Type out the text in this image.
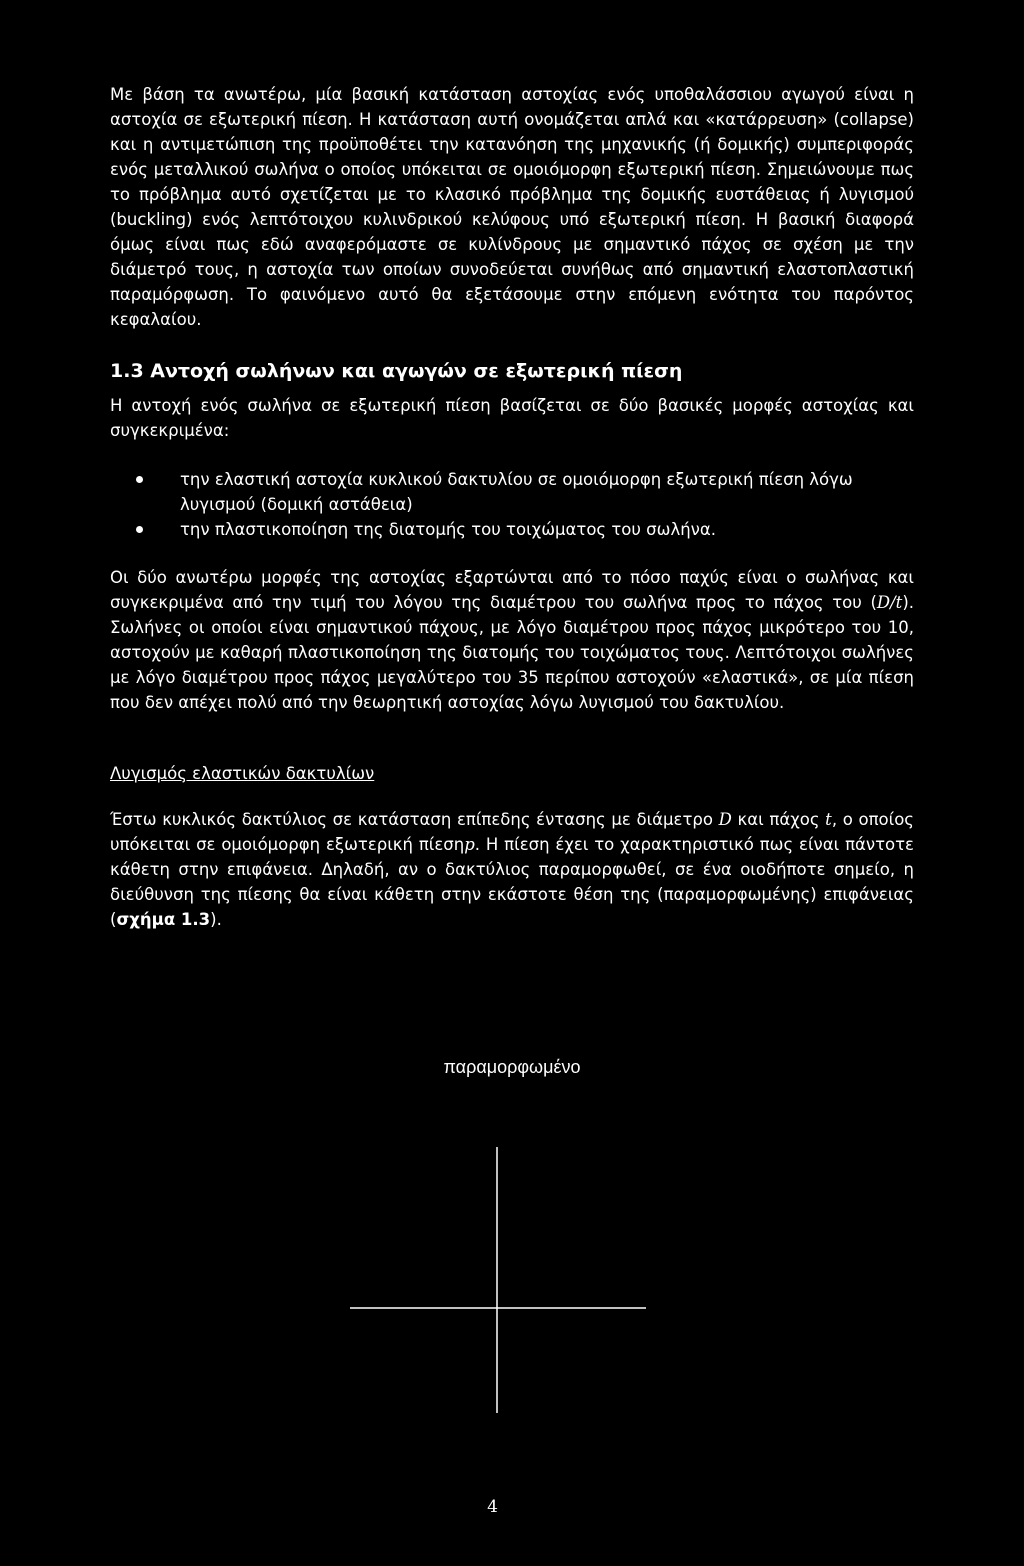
Με βάση τα ανωτέρω, μία βασική κατάσταση αστοχίας ενός υποθαλάσσιου αγωγού είναι η αστοχία σε εξωτερική πίεση. Η κατάσταση αυτή ονομάζεται απλά και «κατάρρευση» (collapse) και η αντιμετώπιση της προϋποθέτει την κατανόηση της μηχανικής (ή δομικής) συμπεριφοράς ενός μεταλλικού σωλήνα ο οποίος υπόκειται σε ομοιόμορφη εξωτερική πίεση. Σημειώνουμε πως το πρόβλημα αυτό σχετίζεται με το κλασικό πρόβλημα της δομικής ευστάθειας ή λυγισμού (buckling) ενός λεπτότοιχου κυλινδρικού κελύφους υπό εξωτερική πίεση. Η βασική διαφορά όμως είναι πως εδώ αναφερόμαστε σε κυλίνδρους με σημαντικό πάχος σε σχέση με την διάμετρό τους, η αστοχία των οποίων συνοδεύεται συνήθως από σημαντική ελαστοπλαστική παραμόρφωση. Το φαινόμενο αυτό θα εξετάσουμε στην επόμενη ενότητα του παρόντος κεφαλαίου.

1.3 Αντοχή σωλήνων και αγωγών σε εξωτερική πίεση

Η αντοχή ενός σωλήνα σε εξωτερική πίεση βασίζεται σε δύο βασικές μορφές αστοχίας και συγκεκριμένα:

την ελαστική αστοχία κυκλικού δακτυλίου σε ομοιόμορφη εξωτερική πίεση λόγω λυγισμού (δομική αστάθεια)
την πλαστικοποίηση της διατομής του τοιχώματος του σωλήνα.

Οι δύο ανωτέρω μορφές της αστοχίας εξαρτώνται από το πόσο παχύς είναι ο σωλήνας και συγκεκριμένα από την τιμή του λόγου της διαμέτρου του σωλήνα προς το πάχος του (D/t). Σωλήνες οι οποίοι είναι σημαντικού πάχους, με λόγο διαμέτρου προς πάχος μικρότερο του 10, αστοχούν με καθαρή πλαστικοποίηση της διατομής του τοιχώματος τους. Λεπτότοιχοι σωλήνες με λόγο διαμέτρου προς πάχος μεγαλύτερο του 35 περίπου αστοχούν «ελαστικά», σε μία πίεση που δεν απέχει πολύ από την θεωρητική αστοχίας λόγω λυγισμού του δακτυλίου.

Λυγισμός ελαστικών δακτυλίων

Έστω κυκλικός δακτύλιος σε κατάσταση επίπεδης έντασης με διάμετρο D και πάχος t, ο οποίος υπόκειται σε ομοιόμορφη εξωτερική πίεσηp. Η πίεση έχει το χαρακτηριστικό πως είναι πάντοτε κάθετη στην επιφάνεια. Δηλαδή, αν ο δακτύλιος παραμορφωθεί, σε ένα οιοδήποτε σημείο, η διεύθυνση της πίεσης θα είναι κάθετη στην εκάστοτε θέση της (παραμορφωμένης) επιφάνειας (σχήμα 1.3).

παραμορφωμένο
4
